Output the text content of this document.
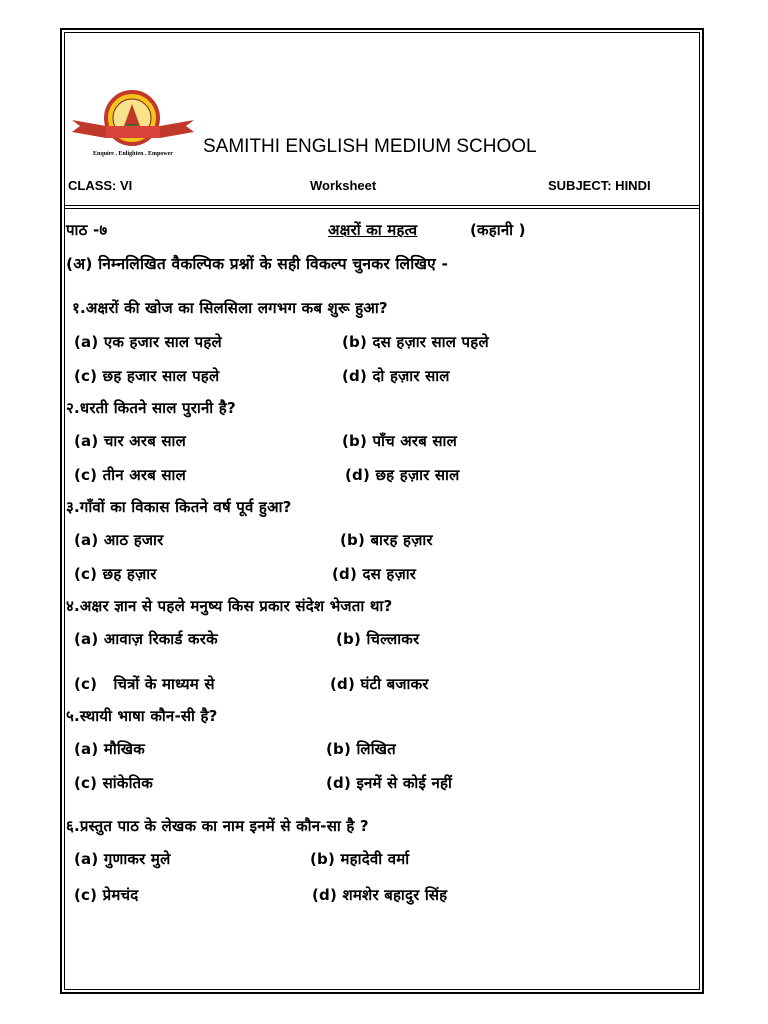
Enquire . Enlighten . Empower SAMITHI ENGLISH MEDIUM SCHOOL
CLASS: VI	Worksheet	SUBJECT: HINDI
पाठ -७	अक्षरों का महत्व	(कहानी )
(अ) निम्नलिखित वैकल्पिक प्रश्नों के सही विकल्प चुनकर लिखिए -
१.अक्षरों की खोज का सिलसिला लगभग कब शुरू हुआ?
(a) एक हजार साल पहले	(b) दस हज़ार साल पहले
(c) छह हजार साल पहले	(d) दो हज़ार साल
२.धरती कितने साल पुरानी है?
(a) चार अरब साल	(b) पाँच अरब साल
(c) तीन अरब साल	(d) छह हज़ार साल
३.गाँवों का विकास कितने वर्ष पूर्व हुआ?
(a) आठ हजार	(b) बारह हज़ार
(c) छह हज़ार	(d) दस हज़ार
४.अक्षर ज्ञान से पहले मनुष्य किस प्रकार संदेश भेजता था?
(a) आवाज़ रिकार्ड करके	(b) चिल्लाकर
(c)   चित्रों के माध्यम से	(d) घंटी बजाकर
५.स्थायी भाषा कौन-सी है?
(a) मौखिक	(b) लिखित
(c) सांकेतिक	(d) इनमें से कोई नहीं
६.प्रस्तुत पाठ के लेखक का नाम इनमें से कौन-सा है ?
(a) गुणाकर मुले	(b) महादेवी वर्मा
(c) प्रेमचंद	(d) शमशेर बहादुर सिंह
